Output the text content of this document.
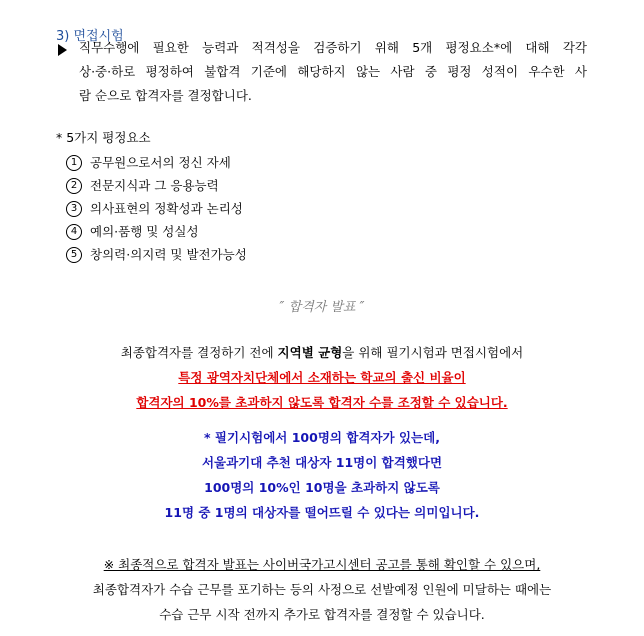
3) 면접시험
직무수행에 필요한 능력과 적격성을 검증하기 위해 5개 평정요소*에 대해 각각
상·중·하로 평정하여 불합격 기준에 해당하지 않는 사람 중 평정 성적이 우수한 사
람 순으로 합격자를 결정합니다.
* 5가지 평정요소
1 공무원으로서의 정신 자세
2 전문지식과 그 응용능력
3 의사표현의 정확성과 논리성
4 예의·품행 및 성실성
5 창의력·의지력 및 발전가능성
″ 합격자 발표 ″
최종합격자를 결정하기 전에 지역별 균형을 위해 필기시험과 면접시험에서
특정 광역자치단체에서 소재하는 학교의 출신 비율이
합격자의 10%를 초과하지 않도록 합격자 수를 조정할 수 있습니다.
* 필기시험에서 100명의 합격자가 있는데,
서울과기대 추천 대상자 11명이 합격했다면
100명의 10%인 10명을 초과하지 않도록
11명 중 1명의 대상자를 떨어뜨릴 수 있다는 의미입니다.
※ 최종적으로 합격자 발표는 사이버국가고시센터 공고를 통해 확인할 수 있으며,
최종합격자가 수습 근무를 포기하는 등의 사정으로 선발예정 인원에 미달하는 때에는
수습 근무 시작 전까지 추가로 합격자를 결정할 수 있습니다.
